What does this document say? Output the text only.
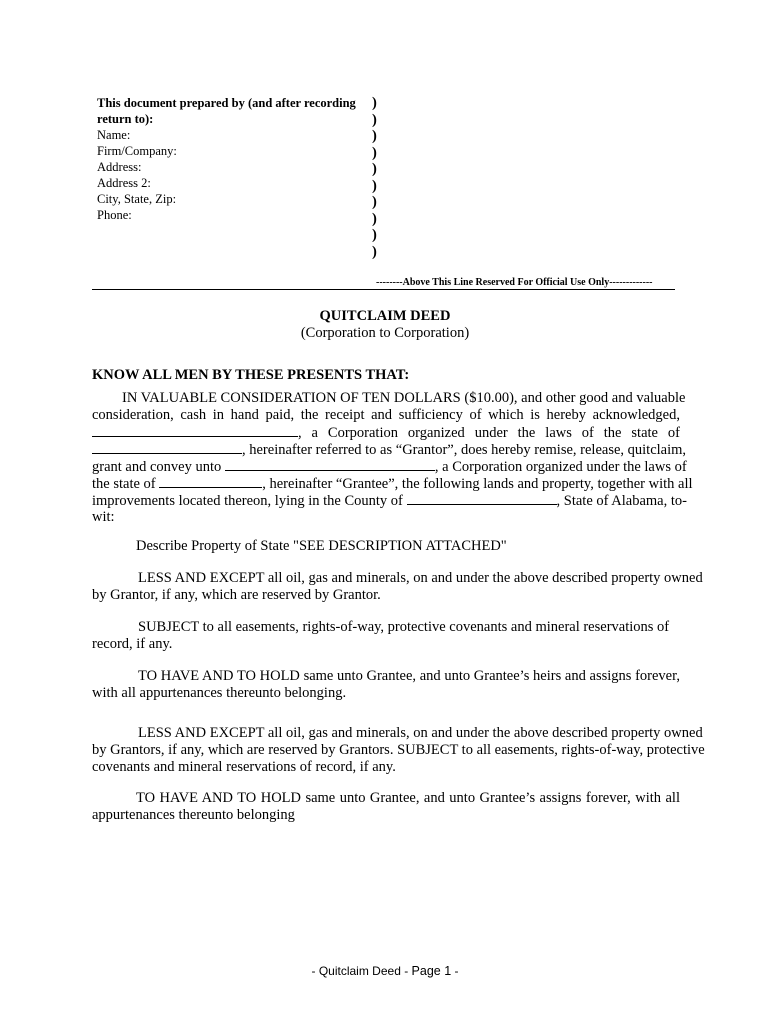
This document prepared by (and after recording
return to):
Name:
Firm/Company:
Address:
Address 2:
City, State, Zip:
Phone:
)
)
)
)
)
)
)
)
)
)
--------Above This Line Reserved For Official Use Only-------------
QUITCLAIM DEED
(Corporation to Corporation)
KNOW ALL MEN BY THESE PRESENTS THAT:
IN VALUABLE CONSIDERATION OF TEN DOLLARS ($10.00), and other good and valuable
consideration, cash in hand paid, the receipt and sufficiency of which is hereby acknowledged,
, a Corporation organized under the laws of the state of
, hereinafter referred to as “Grantor”, does hereby remise, release, quitclaim,
grant and convey unto	, a Corporation organized under the laws of
the state of	, hereinafter “Grantee”, the following lands and property, together with all
improvements located thereon, lying in the County of	, State of Alabama, to-
wit:
Describe Property of State "SEE DESCRIPTION ATTACHED"
LESS AND EXCEPT all oil, gas and minerals, on and under the above described property owned
by Grantor, if any, which are reserved by Grantor.
SUBJECT to all easements, rights-of-way, protective covenants and mineral reservations of
record, if any.
TO HAVE AND TO HOLD same unto Grantee, and unto Grantee’s heirs and assigns forever,
with all appurtenances thereunto belonging.
LESS AND EXCEPT all oil, gas and minerals, on and under the above described property owned
by Grantors, if any, which are reserved by Grantors. SUBJECT to all easements, rights-of-way, protective
covenants and mineral reservations of record, if any.
TO HAVE AND TO HOLD same unto Grantee, and unto Grantee’s assigns forever, with all
appurtenances thereunto belonging
- Quitclaim Deed - Page 1 -
